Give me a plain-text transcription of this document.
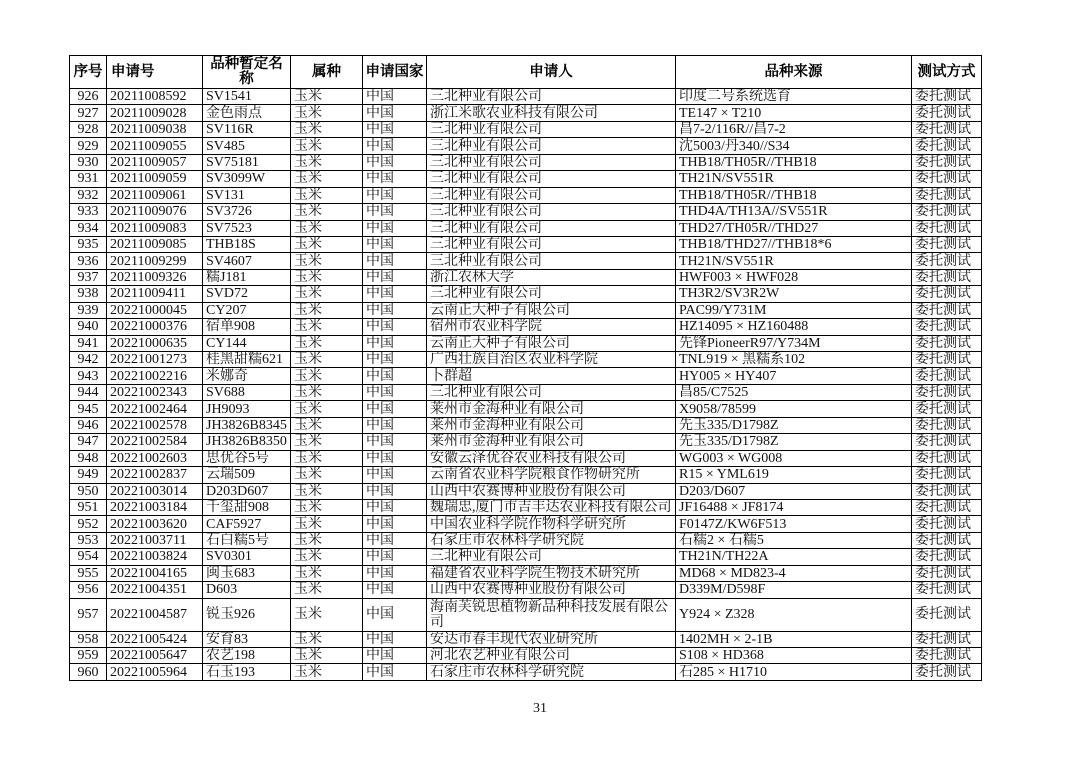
序号	申请号	品种暂定名称	属种	申请国家	申请人	品种来源	测试方式
926	20211008592	SV1541	玉米	中国	三北种业有限公司	印度二号系统选育	委托测试
927	20211009028	金色雨点	玉米	中国	浙江米歌农业科技有限公司	TE147 × T210	委托测试
928	20211009038	SV116R	玉米	中国	三北种业有限公司	昌7-2/116R//昌7-2	委托测试
929	20211009055	SV485	玉米	中国	三北种业有限公司	沈5003/丹340//S34	委托测试
930	20211009057	SV75181	玉米	中国	三北种业有限公司	THB18/TH05R//THB18	委托测试
931	20211009059	SV3099W	玉米	中国	三北种业有限公司	TH21N/SV551R	委托测试
932	20211009061	SV131	玉米	中国	三北种业有限公司	THB18/TH05R//THB18	委托测试
933	20211009076	SV3726	玉米	中国	三北种业有限公司	THD4A/TH13A//SV551R	委托测试
934	20211009083	SV7523	玉米	中国	三北种业有限公司	THD27/TH05R//THD27	委托测试
935	20211009085	THB18S	玉米	中国	三北种业有限公司	THB18/THD27//THB18*6	委托测试
936	20211009299	SV4607	玉米	中国	三北种业有限公司	TH21N/SV551R	委托测试
937	20211009326	糯J181	玉米	中国	浙江农林大学	HWF003 × HWF028	委托测试
938	20211009411	SVD72	玉米	中国	三北种业有限公司	TH3R2/SV3R2W	委托测试
939	20221000045	CY207	玉米	中国	云南正大种子有限公司	PAC99/Y731M	委托测试
940	20221000376	宿单908	玉米	中国	宿州市农业科学院	HZ14095 × HZ160488	委托测试
941	20221000635	CY144	玉米	中国	云南正大种子有限公司	先锋PioneerR97/Y734M	委托测试
942	20221001273	桂黑甜糯621	玉米	中国	广西壮族自治区农业科学院	TNL919 × 黑糯系102	委托测试
943	20221002216	米娜奇	玉米	中国	卜群超	HY005 × HY407	委托测试
944	20221002343	SV688	玉米	中国	三北种业有限公司	昌85/C7525	委托测试
945	20221002464	JH9093	玉米	中国	莱州市金海种业有限公司	X9058/78599	委托测试
946	20221002578	JH3826B8345	玉米	中国	莱州市金海种业有限公司	先玉335/D1798Z	委托测试
947	20221002584	JH3826B8350	玉米	中国	莱州市金海种业有限公司	先玉335/D1798Z	委托测试
948	20221002603	思优谷5号	玉米	中国	安徽云泽优谷农业科技有限公司	WG003 × WG008	委托测试
949	20221002837	云瑞509	玉米	中国	云南省农业科学院粮食作物研究所	R15 × YML619	委托测试
950	20221003014	D203D607	玉米	中国	山西中农赛博种业股份有限公司	D203/D607	委托测试
951	20221003184	千玺甜908	玉米	中国	魏瑞忠,厦门市吉丰达农业科技有限公司	JF16488 × JF8174	委托测试
952	20221003620	CAF5927	玉米	中国	中国农业科学院作物科学研究所	F0147Z/KW6F513	委托测试
953	20221003711	石白糯5号	玉米	中国	石家庄市农林科学研究院	石糯2 × 石糯5	委托测试
954	20221003824	SV0301	玉米	中国	三北种业有限公司	TH21N/TH22A	委托测试
955	20221004165	闽玉683	玉米	中国	福建省农业科学院生物技术研究所	MD68 × MD823-4	委托测试
956	20221004351	D603	玉米	中国	山西中农赛博种业股份有限公司	D339M/D598F	委托测试
957	20221004587	锐玉926	玉米	中国	海南芙锐思植物新品种科技发展有限公司	Y924 × Z328	委托测试
958	20221005424	安育83	玉米	中国	安达市春丰现代农业研究所	1402MH × 2-1B	委托测试
959	20221005647	农艺198	玉米	中国	河北农艺种业有限公司	S108 × HD368	委托测试
960	20221005964	石玉193	玉米	中国	石家庄市农林科学研究院	石285 × H1710	委托测试
31
